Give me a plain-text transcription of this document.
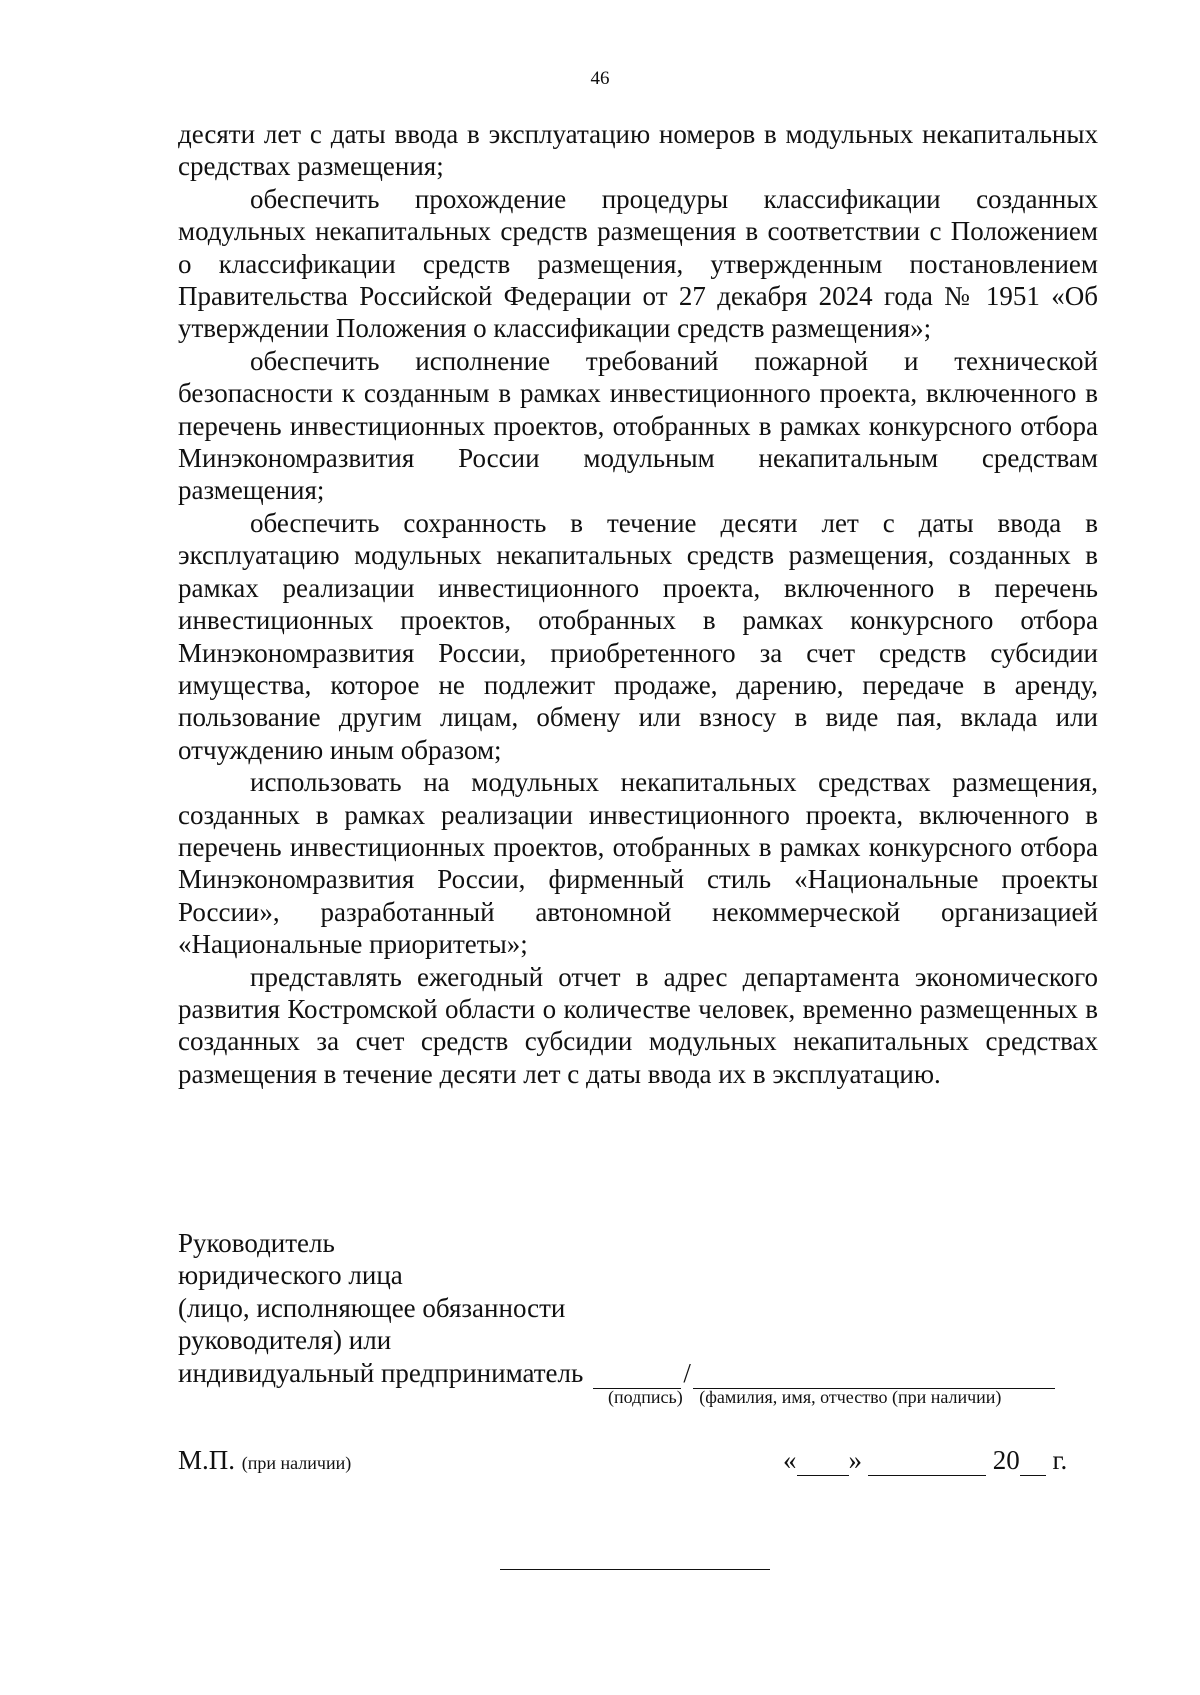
46

десяти лет с даты ввода в эксплуатацию номеров в модульных некапитальных средствах размещения;

обеспечить прохождение процедуры классификации созданных модульных некапитальных средств размещения в соответствии с Положением о классификации средств размещения, утвержденным постановлением Правительства Российской Федерации от 27 декабря 2024 года № 1951 «Об утверждении Положения о классификации средств размещения»;

обеспечить исполнение требований пожарной и технической безопасности к созданным в рамках инвестиционного проекта, включенного в перечень инвестиционных проектов, отобранных в рамках конкурсного отбора Минэкономразвития России модульным некапитальным средствам размещения;

обеспечить сохранность в течение десяти лет с даты ввода в эксплуатацию модульных некапитальных средств размещения, созданных в рамках реализации инвестиционного проекта, включенного в перечень инвестиционных проектов, отобранных в рамках конкурсного отбора Минэкономразвития России, приобретенного за счет средств субсидии имущества, которое не подлежит продаже, дарению, передаче в аренду, пользование другим лицам, обмену или взносу в виде пая, вклада или отчуждению иным образом;

использовать на модульных некапитальных средствах размещения, созданных в рамках реализации инвестиционного проекта, включенного в перечень инвестиционных проектов, отобранных в рамках конкурсного отбора Минэкономразвития России, фирменный стиль «Национальные проекты России», разработанный автономной некоммерческой организацией «Национальные приоритеты»;

представлять ежегодный отчет в адрес департамента экономического развития Костромской области о количестве человек, временно размещенных в созданных за счет средств субсидии модульных некапитальных средствах размещения в течение десяти лет с даты ввода их в эксплуатацию.

Руководитель
юридического лица
(лицо, исполняющее обязанности
руководителя) или
индивидуальный предприниматель	/
(подпись) (фамилия, имя, отчество (при наличии)
М.П. (при наличии)	« »	20 г.
